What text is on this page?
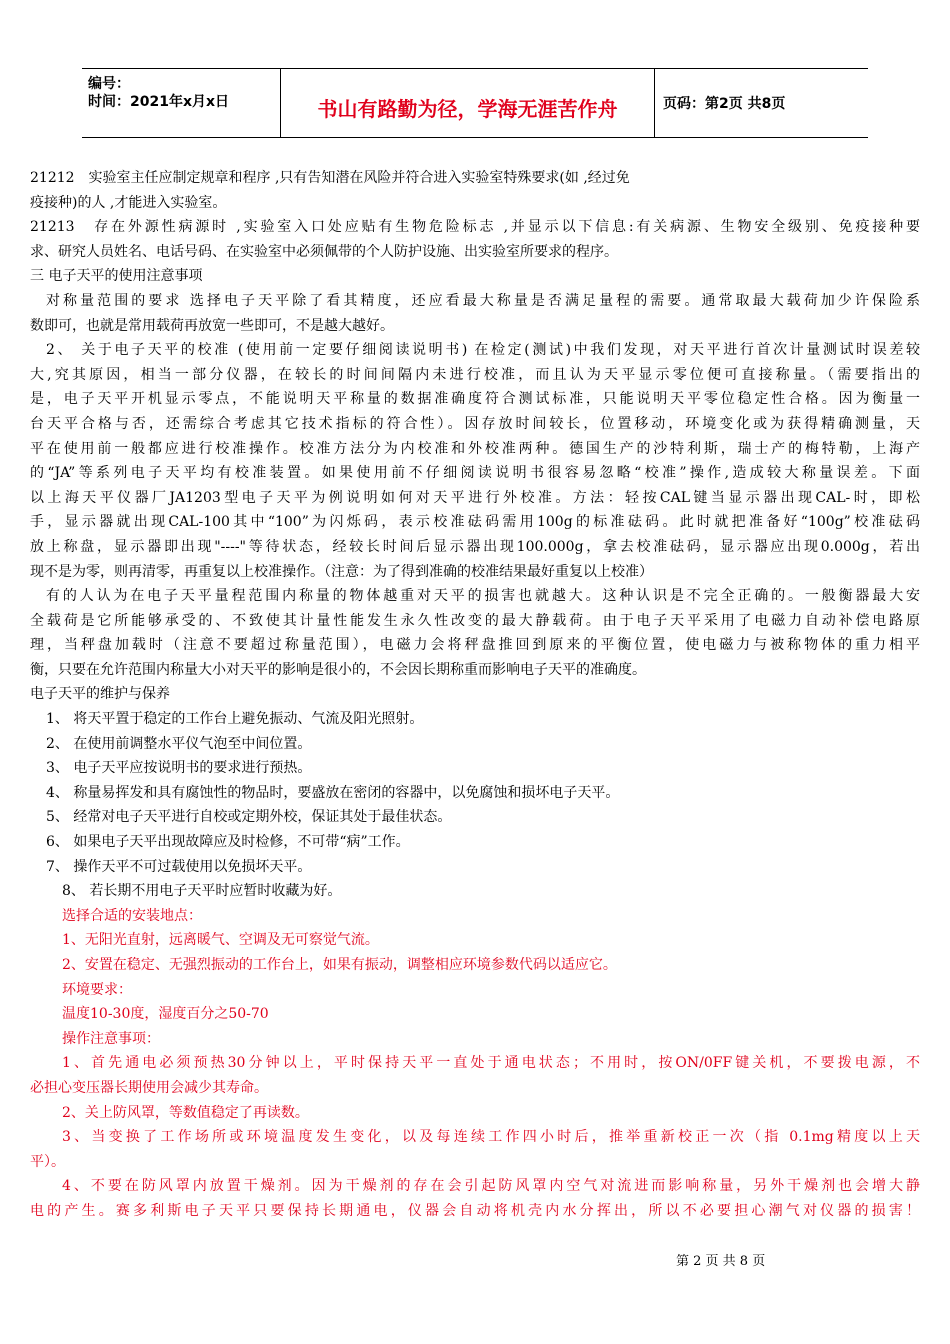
编号：
时间：2021年x月x日	书山有路勤为径，学海无涯苦作舟	页码：第2页 共8页
21212　实验室主任应制定规章和程序 ,只有告知潜在风险并符合进入实验室特殊要求(如 ,经过免
疫接种)的人 ,才能进入实验室。
21213　存在外源性病源时 ,实验室入口处应贴有生物危险标志 ,并显示以下信息:有关病源、生物安全级别、免疫接种要
求、研究人员姓名、电话号码、在实验室中必须佩带的个人防护设施、出实验室所要求的程序。
三 电子天平的使用注意事项
对称量范围的要求 选择电子天平除了看其精度，还应看最大称量是否满足量程的需要。通常取最大载荷加少许保险系
数即可，也就是常用载荷再放宽一些即可，不是越大越好。
2、 关于电子天平的校准 (使用前一定要仔细阅读说明书) 在检定(测试)中我们发现，对天平进行首次计量测试时误差较
大,究其原因，相当一部分仪器，在较长的时间间隔内未进行校准，而且认为天平显示零位便可直接称量。（需要指出的
是，电子天平开机显示零点，不能说明天平称量的数据准确度符合测试标准，只能说明天平零位稳定性合格。因为衡量一
台天平合格与否，还需综合考虑其它技术指标的符合性）。因存放时间较长，位置移动，环境变化或为获得精确测量，天
平在使用前一般都应进行校准操作。校准方法分为内校准和外校准两种。德国生产的沙特利斯，瑞士产的梅特勒，上海产
的“JA”等系列电子天平均有校准装置。如果使用前不仔细阅读说明书很容易忽略“校准”操作,造成较大称量误差。下面
以上海天平仪器厂JA1203型电子天平为例说明如何对天平进行外校准。方法：轻按CAL键当显示器出现CAL-时，即松
手，显示器就出现CAL-100其中“100”为闪烁码，表示校准砝码需用100g的标准砝码。此时就把准备好“100g”校准砝码
放上称盘，显示器即出现"----"等待状态，经较长时间后显示器出现100.000g，拿去校准砝码，显示器应出现0.000g，若出
现不是为零，则再清零，再重复以上校准操作。（注意：为了得到准确的校准结果最好重复以上校准）
有的人认为在电子天平量程范围内称量的物体越重对天平的损害也就越大。这种认识是不完全正确的。一般衡器最大安
全载荷是它所能够承受的、不致使其计量性能发生永久性改变的最大静载荷。由于电子天平采用了电磁力自动补偿电路原
理，当秤盘加载时（注意不要超过称量范围），电磁力会将秤盘推回到原来的平衡位置，使电磁力与被称物体的重力相平
衡，只要在允许范围内称量大小对天平的影响是很小的，不会因长期称重而影响电子天平的准确度。
电子天平的维护与保养
1、 将天平置于稳定的工作台上避免振动、气流及阳光照射。
2、 在使用前调整水平仪气泡至中间位置。
3、 电子天平应按说明书的要求进行预热。
4、 称量易挥发和具有腐蚀性的物品时，要盛放在密闭的容器中，以免腐蚀和损坏电子天平。
5、 经常对电子天平进行自校或定期外校，保证其处于最佳状态。
6、 如果电子天平出现故障应及时检修，不可带“病”工作。
7、 操作天平不可过载使用以免损坏天平。
8、 若长期不用电子天平时应暂时收藏为好。
选择合适的安装地点：
1、无阳光直射，远离暖气、空调及无可察觉气流。
2、安置在稳定、无强烈振动的工作台上，如果有振动，调整相应环境参数代码以适应它。
环境要求：
温度10-30度，湿度百分之50-70
操作注意事项：
1、首先通电必须预热30分钟以上，平时保持天平一直处于通电状态；不用时，按ON/0FF键关机，不要拨电源，不
必担心变压器长期使用会减少其寿命。
2、关上防风罩，等数值稳定了再读数。
3、当变换了工作场所或环境温度发生变化，以及每连续工作四小时后，推举重新校正一次（指 0.1mg精度以上天
平）。
4、不要在防风罩内放置干燥剂。因为干燥剂的存在会引起防风罩内空气对流进而影响称量，另外干燥剂也会增大静
电的产生。赛多利斯电子天平只要保持长期通电，仪器会自动将机壳内水分挥出，所以不必要担心潮气对仪器的损害！
第 2 页 共 8 页
